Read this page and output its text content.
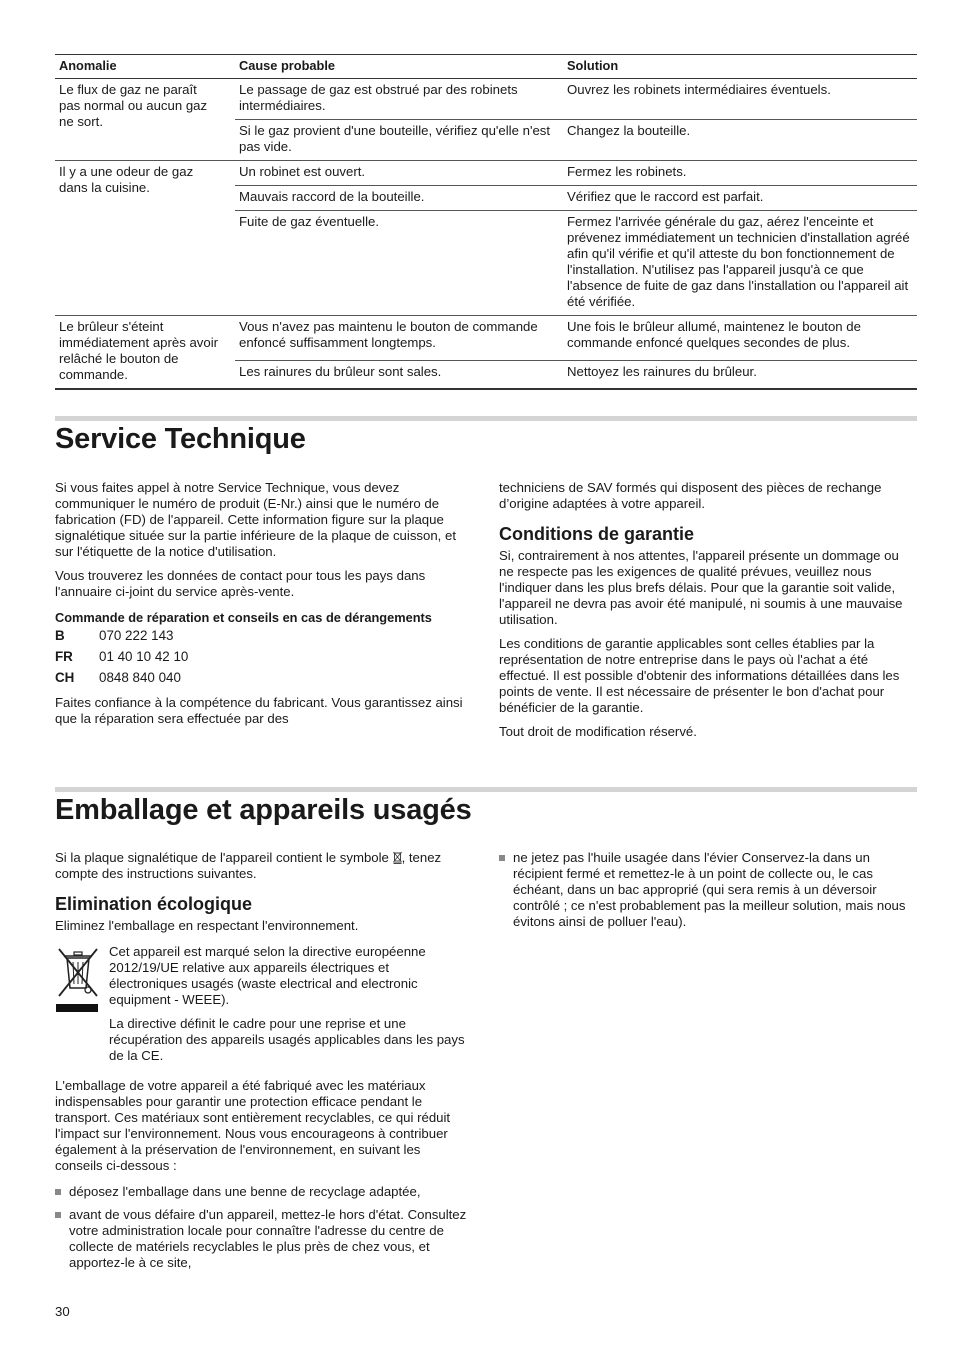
Anomalie	Cause probable	Solution
Le flux de gaz ne paraît pas normal ou aucun gaz ne sort.	Le passage de gaz est obstrué par des robinets intermédiaires.	Ouvrez les robinets intermédiaires éventuels.
	Si le gaz provient d'une bouteille, vérifiez qu'elle n'est pas vide.	Changez la bouteille.
Il y a une odeur de gaz dans la cuisine.	Un robinet est ouvert.	Fermez les robinets.
	Mauvais raccord de la bouteille.	Vérifiez que le raccord est parfait.
	Fuite de gaz éventuelle.	Fermez l'arrivée générale du gaz, aérez l'enceinte et prévenez immédiatement un technicien d'installation agréé afin qu'il vérifie et qu'il atteste du bon fonctionnement de l'installation. N'utilisez pas l'appareil jusqu'à ce que l'absence de fuite de gaz dans l'installation ou l'appareil ait été vérifiée.
Le brûleur s'éteint immédiatement après avoir relâché le bouton de commande.	Vous n'avez pas maintenu le bouton de commande enfoncé suffisamment longtemps.	Une fois le brûleur allumé, maintenez le bouton de commande enfoncé quelques secondes de plus.
	Les rainures du brûleur sont sales.	Nettoyez les rainures du brûleur.
Service Technique

Si vous faites appel à notre Service Technique, vous devez communiquer le numéro de produit (E-Nr.) ainsi que le numéro de fabrication (FD) de l'appareil. Cette information figure sur la plaque signalétique située sur la partie inférieure de la plaque de cuisson, et sur l'étiquette de la notice d'utilisation.

Vous trouverez les données de contact pour tous les pays dans l'annuaire ci-joint du service après-vente.

Commande de réparation et conseils en cas de dérangements
B	070 222 143
FR	01 40 10 42 10
CH	0848 840 040

Faites confiance à la compétence du fabricant. Vous garantissez ainsi que la réparation sera effectuée par des

techniciens de SAV formés qui disposent des pièces de rechange d’origine adaptées à votre appareil.

Conditions de garantie

Si, contrairement à nos attentes, l'appareil présente un dommage ou ne respecte pas les exigences de qualité prévues, veuillez nous l'indiquer dans les plus brefs délais. Pour que la garantie soit valide, l'appareil ne devra pas avoir été manipulé, ni soumis à une mauvaise utilisation.

Les conditions de garantie applicables sont celles établies par la représentation de notre entreprise dans le pays où l'achat a été effectué. Il est possible d'obtenir des informations détaillées dans les points de vente. Il est nécessaire de présenter le bon d'achat pour bénéficier de la garantie.

Tout droit de modification réservé.

Emballage et appareils usagés

Si la plaque signalétique de l'appareil contient le symbole , tenez compte des instructions suivantes.

Elimination écologique

Eliminez l'emballage en respectant l'environnement.

Cet appareil est marqué selon la directive européenne 2012/19/UE relative aux appareils électriques et électroniques usagés (waste electrical and electronic equipment - WEEE).

La directive définit le cadre pour une reprise et une récupération des appareils usagés applicables dans les pays de la CE.

L'emballage de votre appareil a été fabriqué avec les matériaux indispensables pour garantir une protection efficace pendant le transport. Ces matériaux sont entièrement recyclables, ce qui réduit l'impact sur l'environnement. Nous vous encourageons à contribuer également à la préservation de l'environnement, en suivant les conseils ci-dessous :

déposez l'emballage dans une benne de recyclage adaptée,
avant de vous défaire d'un appareil, mettez-le hors d'état. Consultez votre administration locale pour connaître l'adresse du centre de collecte de matériels recyclables le plus près de chez vous, et apportez-le à ce site,
ne jetez pas l'huile usagée dans l'évier Conservez-la dans un récipient fermé et remettez-le à un point de collecte ou, le cas échéant, dans un bac approprié (qui sera remis à un déversoir contrôlé ; ce n'est probablement pas la meilleur solution, mais nous évitons ainsi de polluer l'eau).
30
